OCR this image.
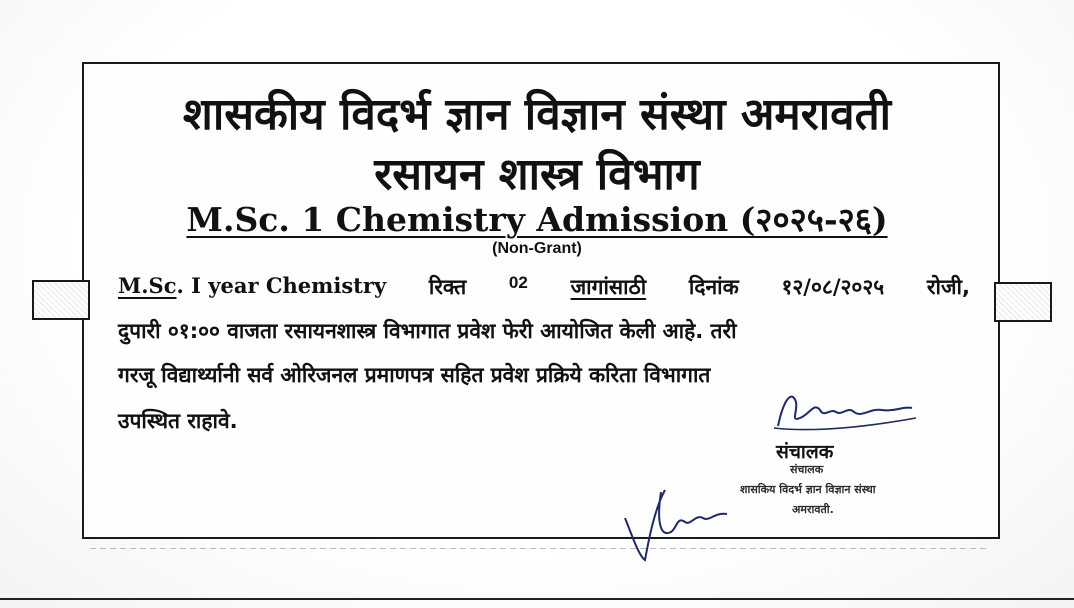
शासकीय विदर्भ ज्ञान विज्ञान संस्था अमरावती
रसायन शास्त्र विभाग
M.Sc. 1 Chemistry Admission (२०२५-२६)
(Non-Grant)
M.Sc. I year Chemistry रिक्त	02 जागांसाठी दिनांक १२/०८/२०२५ रोजी,
दुपारी ०१:०० वाजता रसायनशास्त्र विभागात प्रवेश फेरी आयोजित केली आहे. तरी
गरजू विद्यार्थ्यानी सर्व ओरिजनल प्रमाणपत्र सहित प्रवेश प्रक्रिये करिता विभागात
उपस्थित राहावे.
संचालक
संचालक
शासकिय विदर्भ ज्ञान विज्ञान संस्था
अमरावती.
